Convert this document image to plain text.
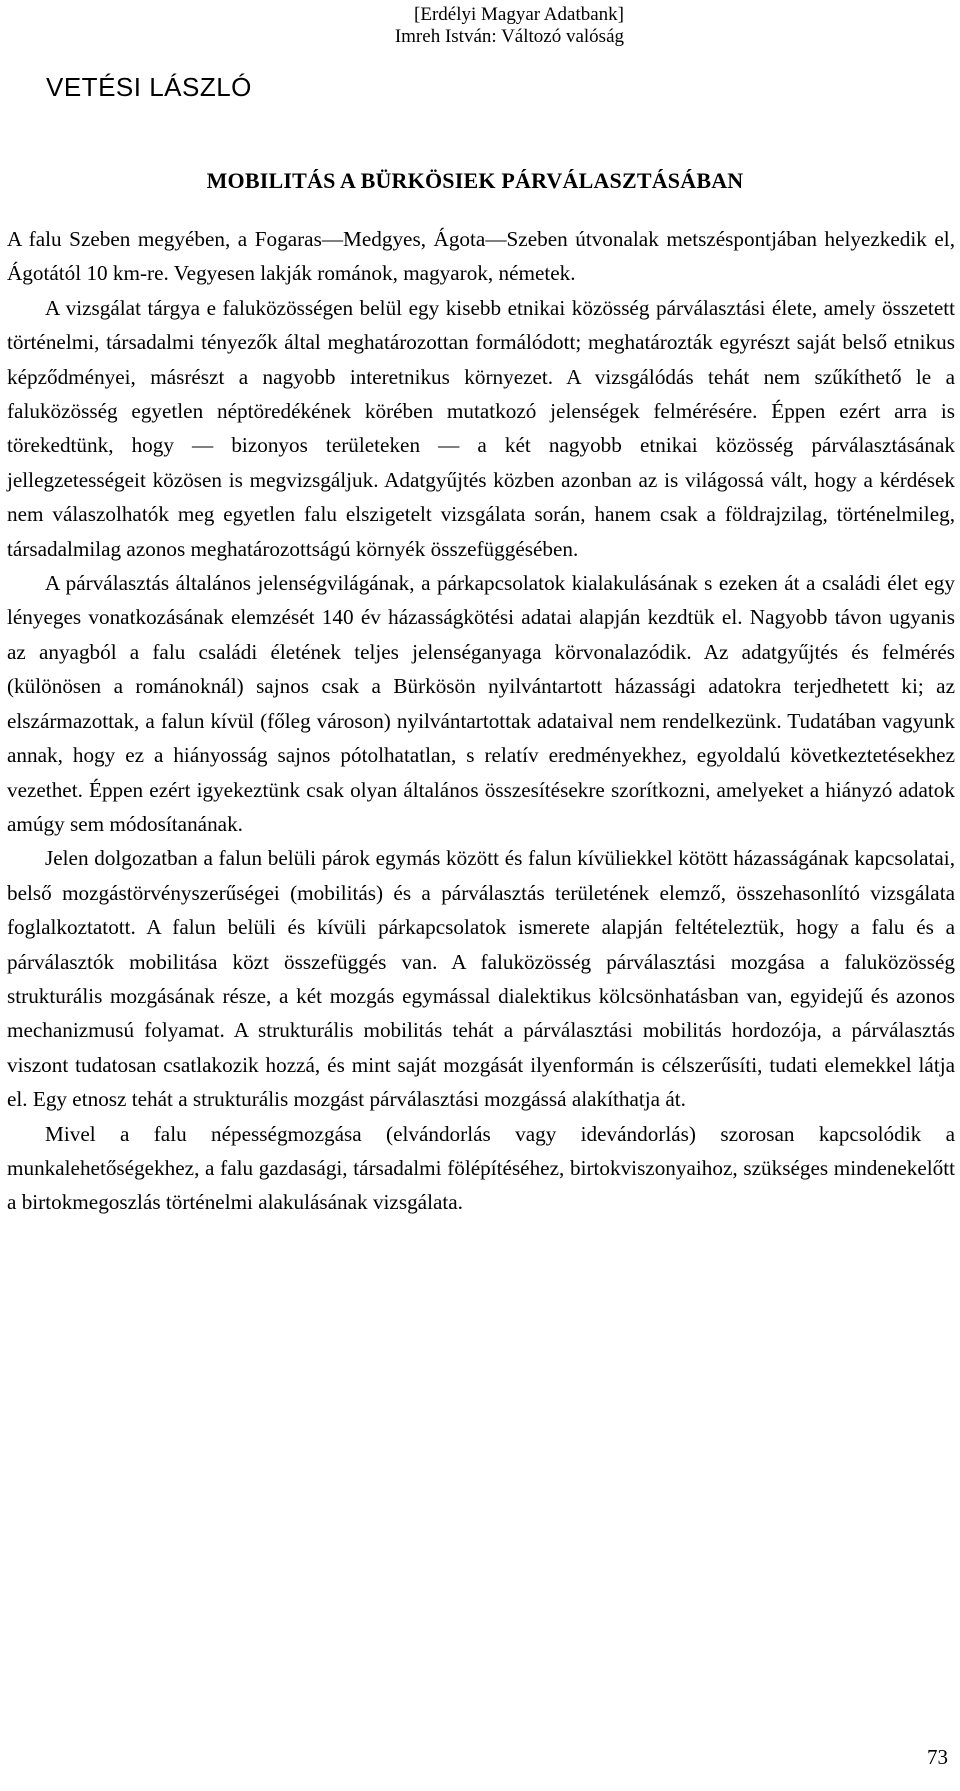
[Erdélyi Magyar Adatbank]
Imreh István: Változó valóság
VETÉSI LÁSZLÓ
MOBILITÁS A BÜRKÖSIEK PÁRVÁLASZTÁSÁBAN

A falu Szeben megyében, a Fogaras—Medgyes, Ágota—Szeben útvonalak metszéspontjában helyezkedik el, Ágotától 10 km-re. Vegyesen lakják románok, magyarok, németek.

A vizsgálat tárgya e faluközösségen belül egy kisebb etnikai közösség párválasztási élete, amely összetett történelmi, társadalmi tényezők által meghatározottan formálódott; meghatározták egyrészt saját belső etnikus képződményei, másrészt a nagyobb interetnikus környezet. A vizsgálódás tehát nem szűkíthető le a faluközösség egyetlen néptöredékének körében mutatkozó jelenségek felmérésére. Éppen ezért arra is törekedtünk, hogy — bizonyos területeken — a két nagyobb etnikai közösség párválasztásának jellegzetességeit közösen is megvizsgáljuk. Adatgyűjtés közben azonban az is világossá vált, hogy a kérdések nem válaszolhatók meg egyetlen falu elszigetelt vizsgálata során, hanem csak a földrajzilag, történelmileg, társadalmilag azonos meghatározottságú környék összefüggésében.

A párválasztás általános jelenségvilágának, a párkapcsolatok kialakulásának s ezeken át a családi élet egy lényeges vonatkozásának elemzését 140 év házasságkötési adatai alapján kezdtük el. Nagyobb távon ugyanis az anyagból a falu családi életének teljes jelenséganyaga körvonalazódik. Az adatgyűjtés és felmérés (különösen a románoknál) sajnos csak a Bürkösön nyilvántartott házassági adatokra terjedhetett ki; az elszármazottak, a falun kívül (főleg városon) nyilvántartottak adataival nem rendelkezünk. Tudatában vagyunk annak, hogy ez a hiányosság sajnos pótolhatatlan, s relatív eredményekhez, egyoldalú következtetésekhez vezethet. Éppen ezért igyekeztünk csak olyan általános összesítésekre szorítkozni, amelyeket a hiányzó adatok amúgy sem módosítanának.

Jelen dolgozatban a falun belüli párok egymás között és falun kívüliekkel kötött házasságának kapcsolatai, belső mozgástörvényszerűségei (mobilitás) és a párválasztás területének elemző, összehasonlító vizsgálata foglalkoztatott. A falun belüli és kívüli párkapcsolatok ismerete alapján feltételeztük, hogy a falu és a párválasztók mobilitása közt összefüggés van. A faluközösség párválasztási mozgása a faluközösség strukturális mozgásának része, a két mozgás egymással dialektikus kölcsönhatásban van, egyidejű és azonos mechanizmusú folyamat. A strukturális mobilitás tehát a párválasztási mobilitás hordozója, a párválasztás viszont tudatosan csatlakozik hozzá, és mint saját mozgását ilyenformán is célszerűsíti, tudati elemekkel látja el. Egy etnosz tehát a strukturális mozgást párválasztási mozgássá alakíthatja át.

Mivel a falu népességmozgása (elvándorlás vagy idevándorlás) szorosan kapcsolódik a munkalehetőségekhez, a falu gazdasági, társadalmi fölépítéséhez, birtokviszonyaihoz, szükséges mindenekelőtt a birtokmegoszlás történelmi alakulásának vizsgálata.

73
